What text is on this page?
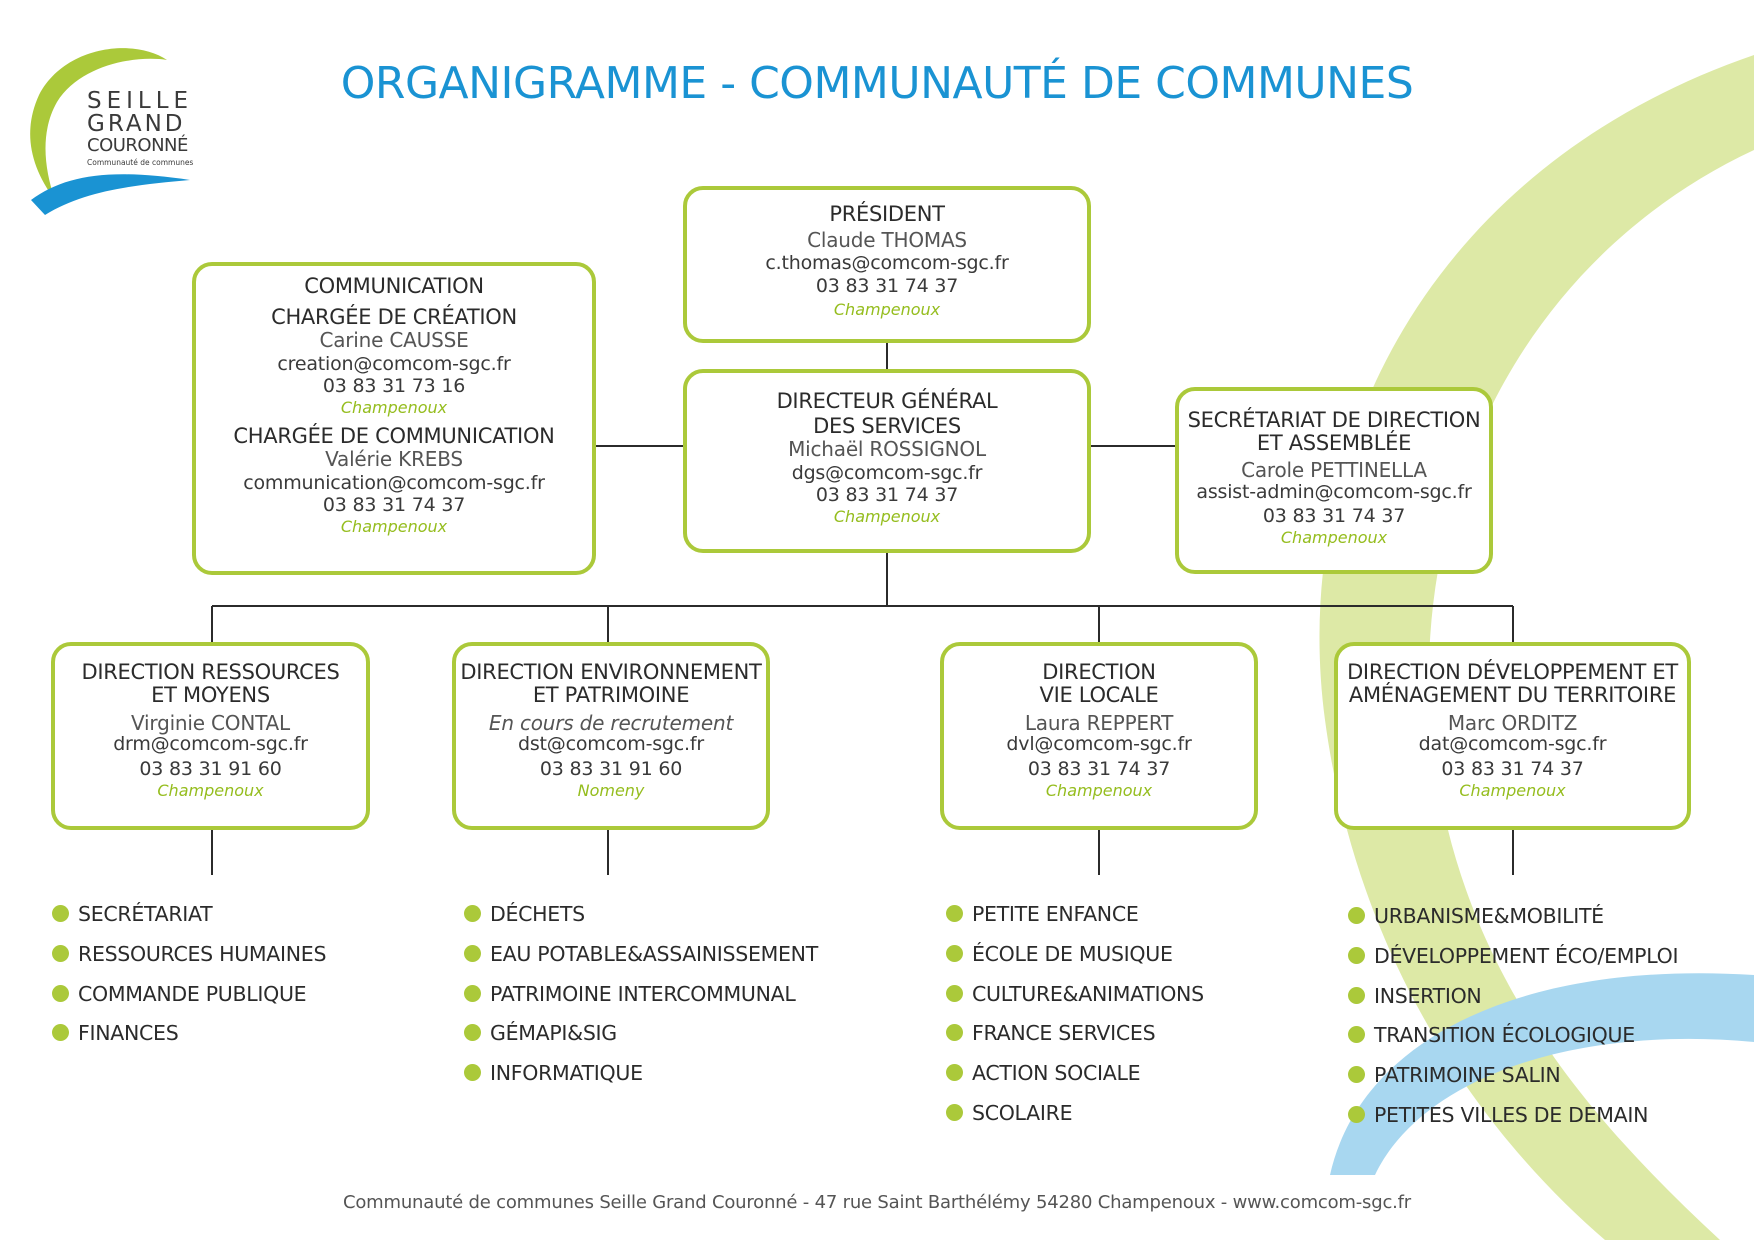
SEILLE
GRAND
COURONNÉ
Communauté de communes
ORGANIGRAMME - COMMUNAUTÉ DE COMMUNES
PRÉSIDENT
Claude THOMAS
c.thomas@comcom-sgc.fr
03 83 31 74 37
Champenoux
COMMUNICATION
CHARGÉE DE CRÉATION
Carine CAUSSE
creation@comcom-sgc.fr
03 83 31 73 16
Champenoux
CHARGÉE DE COMMUNICATION
Valérie KREBS
communication@comcom-sgc.fr
03 83 31 74 37
Champenoux
DIRECTEUR GÉNÉRAL
DES SERVICES
Michaël ROSSIGNOL
dgs@comcom-sgc.fr
03 83 31 74 37
Champenoux
SECRÉTARIAT DE DIRECTION
ET ASSEMBLÉE
Carole PETTINELLA
assist-admin@comcom-sgc.fr
03 83 31 74 37
Champenoux
DIRECTION RESSOURCES
ET MOYENS
Virginie CONTAL
drm@comcom-sgc.fr
03 83 31 91 60
Champenoux
DIRECTION ENVIRONNEMENT
ET PATRIMOINE
En cours de recrutement
dst@comcom-sgc.fr
03 83 31 91 60
Nomeny
DIRECTION
VIE LOCALE
Laura REPPERT
dvl@comcom-sgc.fr
03 83 31 74 37
Champenoux
DIRECTION DÉVELOPPEMENT ET
AMÉNAGEMENT DU TERRITOIRE
Marc ORDITZ
dat@comcom-sgc.fr
03 83 31 74 37
Champenoux
SECRÉTARIAT
RESSOURCES HUMAINES
COMMANDE PUBLIQUE
FINANCES
DÉCHETS
EAU POTABLE&ASSAINISSEMENT
PATRIMOINE INTERCOMMUNAL
GÉMAPI&SIG
INFORMATIQUE
PETITE ENFANCE
ÉCOLE DE MUSIQUE
CULTURE&ANIMATIONS
FRANCE SERVICES
ACTION SOCIALE
SCOLAIRE
URBANISME&MOBILITÉ
DÉVELOPPEMENT ÉCO/EMPLOI
INSERTION
TRANSITION ÉCOLOGIQUE
PATRIMOINE SALIN
PETITES VILLES DE DEMAIN
Communauté de communes Seille Grand Couronné - 47 rue Saint Barthélémy 54280 Champenoux - www.comcom-sgc.fr
